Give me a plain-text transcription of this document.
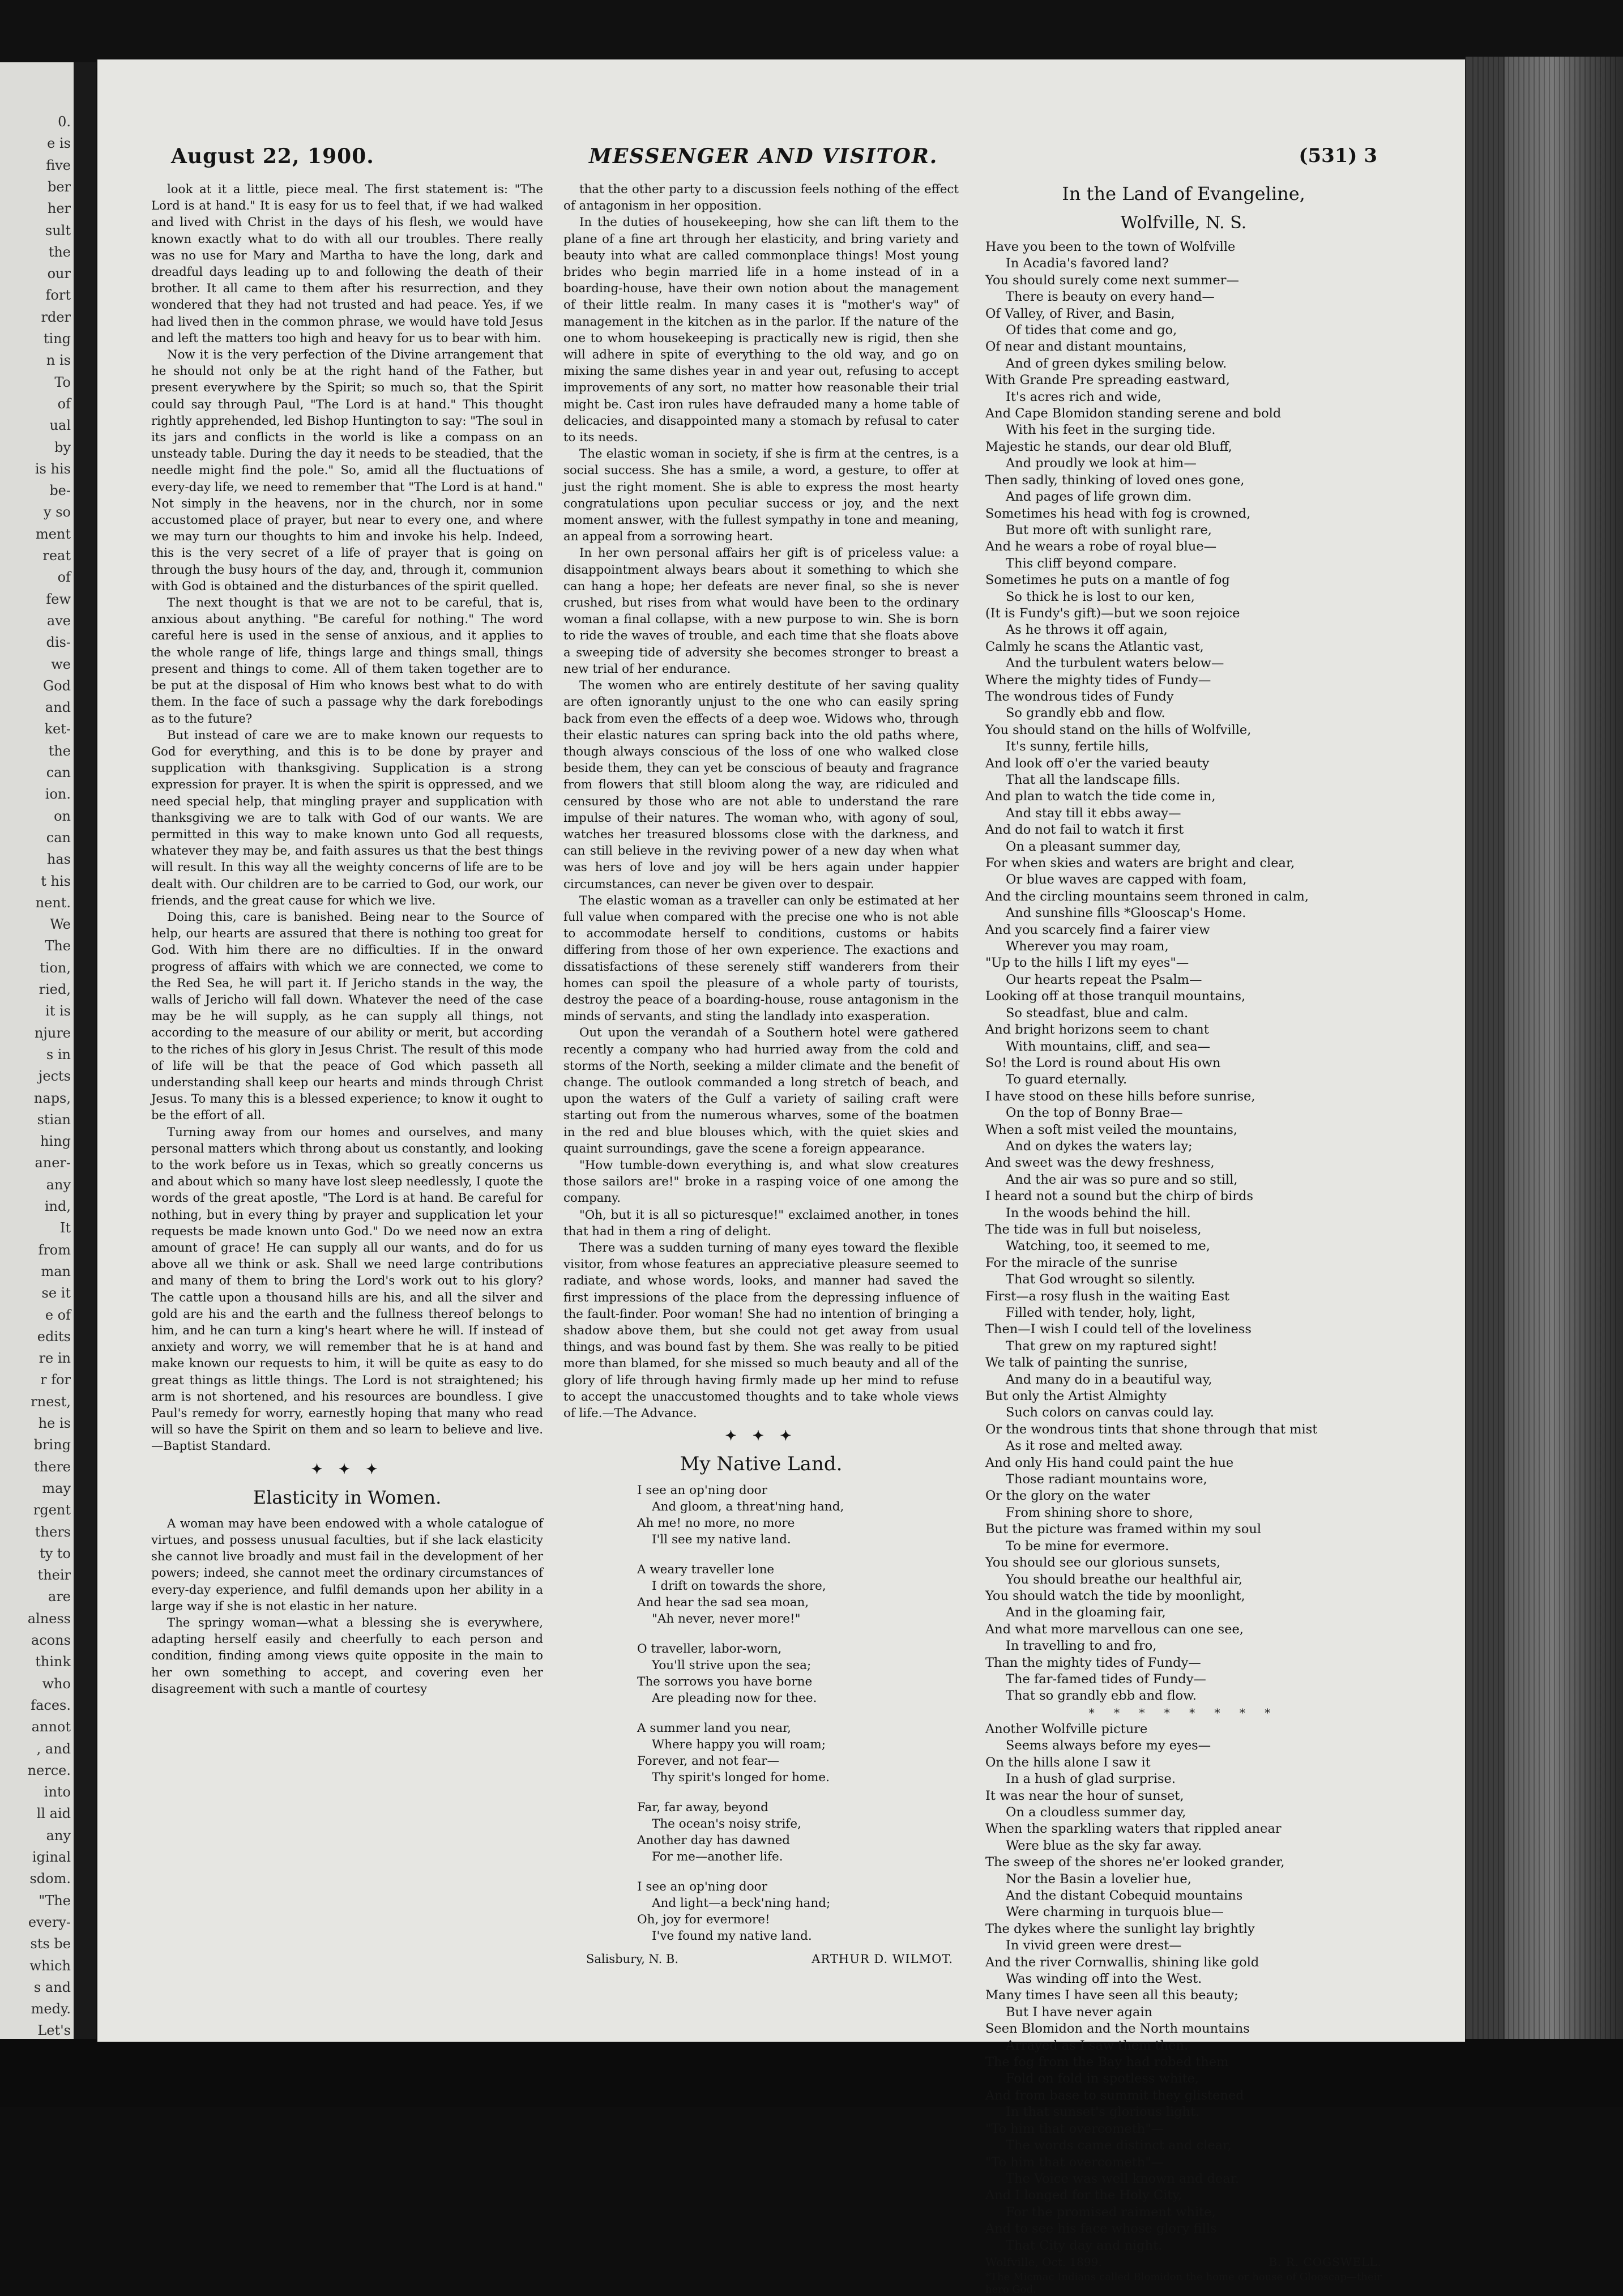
0.
e is
five
ber
her
sult
the
our
fort
rder
ting
n is
To
of
ual
by
is his
be-
y so
ment
reat
of
few
ave
dis-
we
God
and
ket-
the
can
ion.
on
can
has
t his
nent.
We
The
tion,
ried,
it is
njure
s in
jects
naps,
stian
hing
aner-
any
ind,
It
from
man
se it
e of
edits
re in
r for
rnest,
he is
bring
there
may
rgent
thers
ty to
their
are
alness
acons
think
who
faces.
annot
, and
nerce.
into
ll aid
any
iginal
sdom.
"The
every-
sts be
which
s and
medy.
Let's
August 22, 1900.	MESSENGER AND VISITOR.	(531) 3

look at it a little, piece meal. The first statement is: "The Lord is at hand." It is easy for us to feel that, if we had walked and lived with Christ in the days of his flesh, we would have known exactly what to do with all our troubles. There really was no use for Mary and Martha to have the long, dark and dreadful days leading up to and following the death of their brother. It all came to them after his resurrection, and they wondered that they had not trusted and had peace. Yes, if we had lived then in the common phrase, we would have told Jesus and left the matters too high and heavy for us to bear with him.

Now it is the very perfection of the Divine arrangement that he should not only be at the right hand of the Father, but present everywhere by the Spirit; so much so, that the Spirit could say through Paul, "The Lord is at hand." This thought rightly apprehended, led Bishop Huntington to say: "The soul in its jars and conflicts in the world is like a compass on an unsteady table. During the day it needs to be steadied, that the needle might find the pole." So, amid all the fluctuations of every-day life, we need to remember that "The Lord is at hand." Not simply in the heavens, nor in the church, nor in some accustomed place of prayer, but near to every one, and where we may turn our thoughts to him and invoke his help. Indeed, this is the very secret of a life of prayer that is going on through the busy hours of the day, and, through it, communion with God is obtained and the disturbances of the spirit quelled.

The next thought is that we are not to be careful, that is, anxious about anything. "Be careful for nothing." The word careful here is used in the sense of anxious, and it applies to the whole range of life, things large and things small, things present and things to come. All of them taken together are to be put at the disposal of Him who knows best what to do with them. In the face of such a passage why the dark forebodings as to the future?

But instead of care we are to make known our requests to God for everything, and this is to be done by prayer and supplication with thanksgiving. Supplication is a strong expression for prayer. It is when the spirit is oppressed, and we need special help, that mingling prayer and supplication with thanksgiving we are to talk with God of our wants. We are permitted in this way to make known unto God all requests, whatever they may be, and faith assures us that the best things will result. In this way all the weighty concerns of life are to be dealt with. Our children are to be carried to God, our work, our friends, and the great cause for which we live.

Doing this, care is banished. Being near to the Source of help, our hearts are assured that there is nothing too great for God. With him there are no difficulties. If in the onward progress of affairs with which we are connected, we come to the Red Sea, he will part it. If Jericho stands in the way, the walls of Jericho will fall down. Whatever the need of the case may be he will supply, as he can supply all things, not according to the measure of our ability or merit, but according to the riches of his glory in Jesus Christ. The result of this mode of life will be that the peace of God which passeth all understanding shall keep our hearts and minds through Christ Jesus. To many this is a blessed experience; to know it ought to be the effort of all.

Turning away from our homes and ourselves, and many personal matters which throng about us constantly, and looking to the work before us in Texas, which so greatly concerns us and about which so many have lost sleep needlessly, I quote the words of the great apostle, "The Lord is at hand. Be careful for nothing, but in every thing by prayer and supplication let your requests be made known unto God." Do we need now an extra amount of grace! He can supply all our wants, and do for us above all we think or ask. Shall we need large contributions and many of them to bring the Lord's work out to his glory? The cattle upon a thousand hills are his, and all the silver and gold are his and the earth and the fullness thereof belongs to him, and he can turn a king's heart where he will. If instead of anxiety and worry, we will remember that he is at hand and make known our requests to him, it will be quite as easy to do great things as little things. The Lord is not straightened; his arm is not shortened, and his resources are boundless. I give Paul's remedy for worry, earnestly hoping that many who read will so have the Spirit on them and so learn to believe and live.—Baptist Standard.

✦ ✦ ✦
Elasticity in Women.

A woman may have been endowed with a whole catalogue of virtues, and possess unusual faculties, but if she lack elasticity she cannot live broadly and must fail in the development of her powers; indeed, she cannot meet the ordinary circumstances of every-day experience, and fulfil demands upon her ability in a large way if she is not elastic in her nature.

The springy woman—what a blessing she is everywhere, adapting herself easily and cheerfully to each person and condition, finding among views quite opposite in the main to her own something to accept, and covering even her disagreement with such a mantle of courtesy

that the other party to a discussion feels nothing of the effect of antagonism in her opposition.

In the duties of housekeeping, how she can lift them to the plane of a fine art through her elasticity, and bring variety and beauty into what are called commonplace things! Most young brides who begin married life in a home instead of in a boarding-house, have their own notion about the management of their little realm. In many cases it is "mother's way" of management in the kitchen as in the parlor. If the nature of the one to whom housekeeping is practically new is rigid, then she will adhere in spite of everything to the old way, and go on mixing the same dishes year in and year out, refusing to accept improvements of any sort, no matter how reasonable their trial might be. Cast iron rules have defrauded many a home table of delicacies, and disappointed many a stomach by refusal to cater to its needs.

The elastic woman in society, if she is firm at the centres, is a social success. She has a smile, a word, a gesture, to offer at just the right moment. She is able to express the most hearty congratulations upon peculiar success or joy, and the next moment answer, with the fullest sympathy in tone and meaning, an appeal from a sorrowing heart.

In her own personal affairs her gift is of priceless value: a disappointment always bears about it something to which she can hang a hope; her defeats are never final, so she is never crushed, but rises from what would have been to the ordinary woman a final collapse, with a new purpose to win. She is born to ride the waves of trouble, and each time that she floats above a sweeping tide of adversity she becomes stronger to breast a new trial of her endurance.

The women who are entirely destitute of her saving quality are often ignorantly unjust to the one who can easily spring back from even the effects of a deep woe. Widows who, through their elastic natures can spring back into the old paths where, though always conscious of the loss of one who walked close beside them, they can yet be conscious of beauty and fragrance from flowers that still bloom along the way, are ridiculed and censured by those who are not able to understand the rare impulse of their natures. The woman who, with agony of soul, watches her treasured blossoms close with the darkness, and can still believe in the reviving power of a new day when what was hers of love and joy will be hers again under happier circumstances, can never be given over to despair.

The elastic woman as a traveller can only be estimated at her full value when compared with the precise one who is not able to accommodate herself to conditions, customs or habits differing from those of her own experience. The exactions and dissatisfactions of these serenely stiff wanderers from their homes can spoil the pleasure of a whole party of tourists, destroy the peace of a boarding-house, rouse antagonism in the minds of servants, and sting the landlady into exasperation.

Out upon the verandah of a Southern hotel were gathered recently a company who had hurried away from the cold and storms of the North, seeking a milder climate and the benefit of change. The outlook commanded a long stretch of beach, and upon the waters of the Gulf a variety of sailing craft were starting out from the numerous wharves, some of the boatmen in the red and blue blouses which, with the quiet skies and quaint surroundings, gave the scene a foreign appearance.

"How tumble-down everything is, and what slow creatures those sailors are!" broke in a rasping voice of one among the company.

"Oh, but it is all so picturesque!" exclaimed another, in tones that had in them a ring of delight.

There was a sudden turning of many eyes toward the flexible visitor, from whose features an appreciative pleasure seemed to radiate, and whose words, looks, and manner had saved the first impressions of the place from the depressing influence of the fault-finder. Poor woman! She had no intention of bringing a shadow above them, but she could not get away from usual things, and was bound fast by them. She was really to be pitied more than blamed, for she missed so much beauty and all of the glory of life through having firmly made up her mind to refuse to accept the unaccustomed thoughts and to take whole views of life.—The Advance.

✦ ✦ ✦
My Native Land.
I see an op'ning door
And gloom, a threat'ning hand,
Ah me! no more, no more
I'll see my native land.
A weary traveller lone
I drift on towards the shore,
And hear the sad sea moan,
"Ah never, never more!"
O traveller, labor-worn,
You'll strive upon the sea;
The sorrows you have borne
Are pleading now for thee.
A summer land you near,
Where happy you will roam;
Forever, and not fear—
Thy spirit's longed for home.
Far, far away, beyond
The ocean's noisy strife,
Another day has dawned
For me—another life.
I see an op'ning door
And light—a beck'ning hand;
Oh, joy for evermore!
I've found my native land.
Salisbury, N. B.	ARTHUR D. WILMOT.
In the Land of Evangeline,
Wolfville, N. S.
Have you been to the town of Wolfville
In Acadia's favored land?
You should surely come next summer—
There is beauty on every hand—
Of Valley, of River, and Basin,
Of tides that come and go,
Of near and distant mountains,
And of green dykes smiling below.
With Grande Pre spreading eastward,
It's acres rich and wide,
And Cape Blomidon standing serene and bold
With his feet in the surging tide.
Majestic he stands, our dear old Bluff,
And proudly we look at him—
Then sadly, thinking of loved ones gone,
And pages of life grown dim.
Sometimes his head with fog is crowned,
But more oft with sunlight rare,
And he wears a robe of royal blue—
This cliff beyond compare.
Sometimes he puts on a mantle of fog
So thick he is lost to our ken,
(It is Fundy's gift)—but we soon rejoice
As he throws it off again,
Calmly he scans the Atlantic vast,
And the turbulent waters below—
Where the mighty tides of Fundy—
The wondrous tides of Fundy
So grandly ebb and flow.
You should stand on the hills of Wolfville,
It's sunny, fertile hills,
And look off o'er the varied beauty
That all the landscape fills.
And plan to watch the tide come in,
And stay till it ebbs away—
And do not fail to watch it first
On a pleasant summer day,
For when skies and waters are bright and clear,
Or blue waves are capped with foam,
And the circling mountains seem throned in calm,
And sunshine fills *Glooscap's Home.
And you scarcely find a fairer view
Wherever you may roam,
"Up to the hills I lift my eyes"—
Our hearts repeat the Psalm—
Looking off at those tranquil mountains,
So steadfast, blue and calm.
And bright horizons seem to chant
With mountains, cliff, and sea—
So! the Lord is round about His own
To guard eternally.
I have stood on these hills before sunrise,
On the top of Bonny Brae—
When a soft mist veiled the mountains,
And on dykes the waters lay;
And sweet was the dewy freshness,
And the air was so pure and so still,
I heard not a sound but the chirp of birds
In the woods behind the hill.
The tide was in full but noiseless,
Watching, too, it seemed to me,
For the miracle of the sunrise
That God wrought so silently.
First—a rosy flush in the waiting East
Filled with tender, holy, light,
Then—I wish I could tell of the loveliness
That grew on my raptured sight!
We talk of painting the sunrise,
And many do in a beautiful way,
But only the Artist Almighty
Such colors on canvas could lay.
Or the wondrous tints that shone through that mist
As it rose and melted away.
And only His hand could paint the hue
Those radiant mountains wore,
Or the glory on the water
From shining shore to shore,
But the picture was framed within my soul
To be mine for evermore.
You should see our glorious sunsets,
You should breathe our healthful air,
You should watch the tide by moonlight,
And in the gloaming fair,
And what more marvellous can one see,
In travelling to and fro,
Than the mighty tides of Fundy—
The far-famed tides of Fundy—
That so grandly ebb and flow.
* * * * * * * *
Another Wolfville picture
Seems always before my eyes—
On the hills alone I saw it
In a hush of glad surprise.
It was near the hour of sunset,
On a cloudless summer day,
When the sparkling waters that rippled anear
Were blue as the sky far away.
The sweep of the shores ne'er looked grander,
Nor the Basin a lovelier hue,
And the distant Cobequid mountains
Were charming in turquois blue—
The dykes where the sunlight lay brightly
In vivid green were drest—
And the river Cornwallis, shining like gold
Was winding off into the West.
Many times I have seen all this beauty;
But I have never again
Seen Blomidon and the North mountains
Arrayed as I saw them then.
The fog from the Bay had robed them
Fold on fold in spotless white,
And from base to summit they glistened
In that sunset's glorious light.
"To him that overcometh"—
The words came distinct and clear,
"To him that overcometh"—
The Voice was well known and dear.
And I longed for the Holy City,
For the promised raiment white,
And to see his face whose glory fills
That City day and night.
Wolfville, Oct. 1899.	B. R. COGSWELL.
*The Micmac Indians called Blomidon the home or house of Glooscap—their hero God.
